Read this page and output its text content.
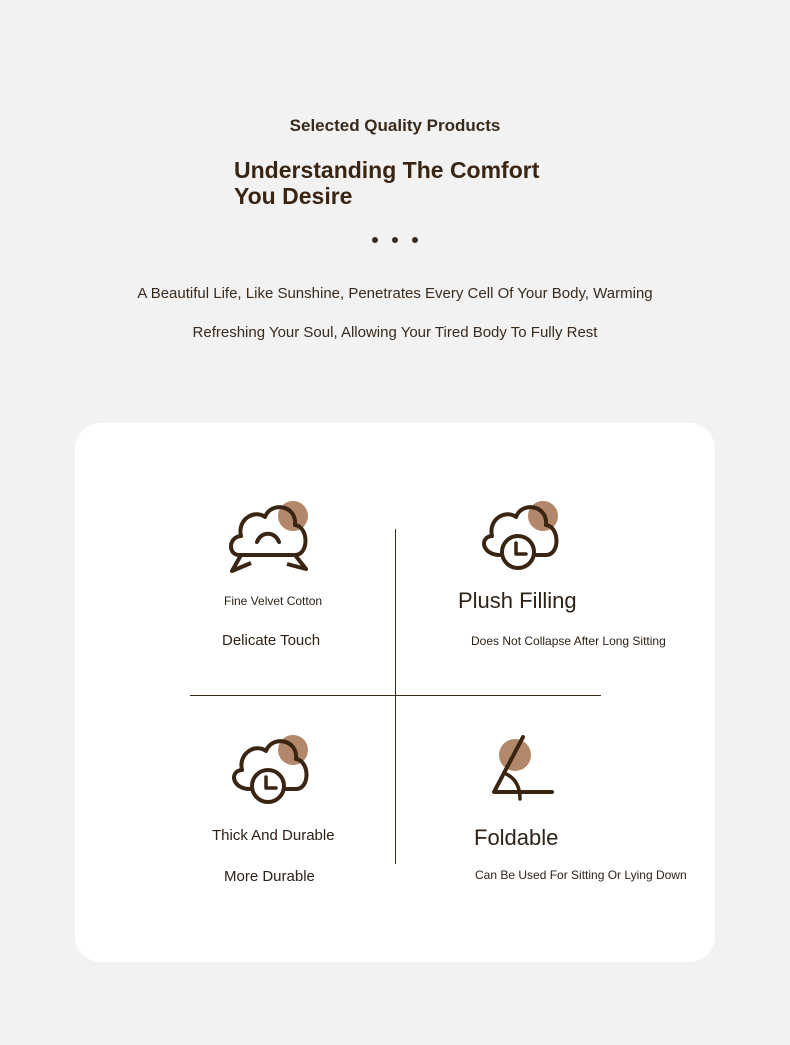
Selected Quality Products
Understanding The Comfort
You Desire
A Beautiful Life, Like Sunshine, Penetrates Every Cell Of Your Body, Warming
Refreshing Your Soul, Allowing Your Tired Body To Fully Rest
Fine Velvet Cotton
Delicate Touch
Plush Filling
Does Not Collapse After Long Sitting
Thick And Durable
More Durable
Foldable
Can Be Used For Sitting Or Lying Down
